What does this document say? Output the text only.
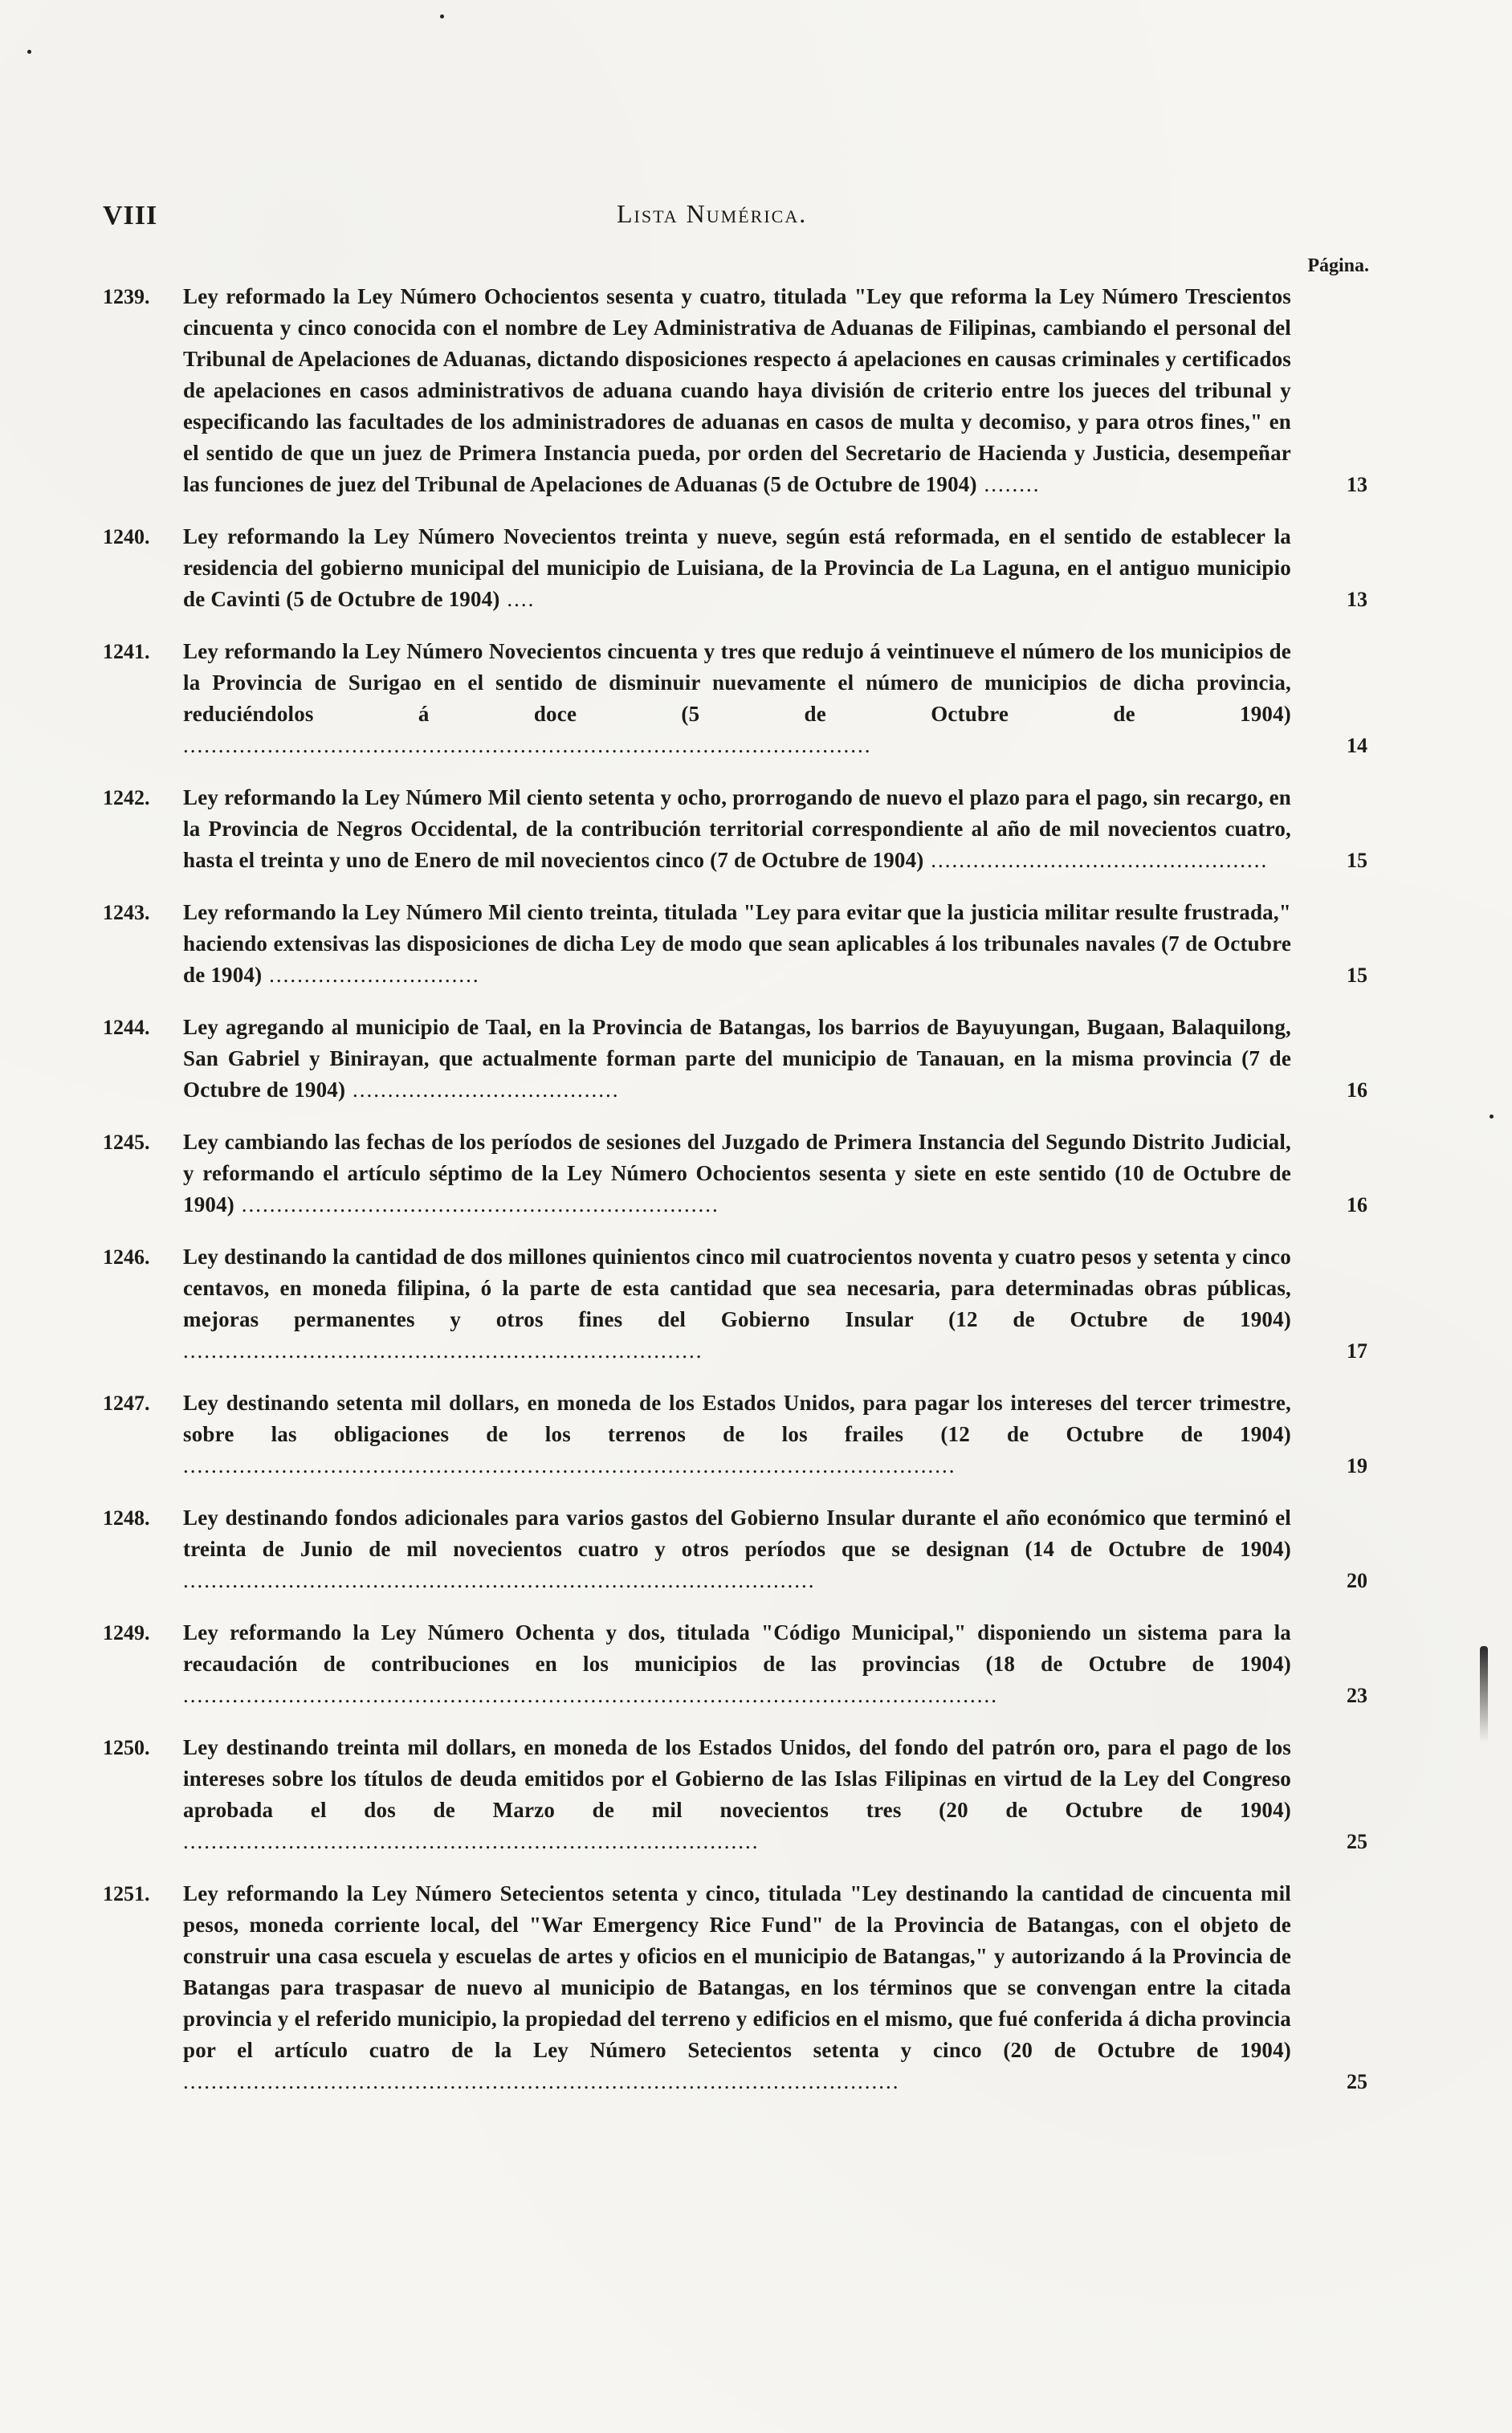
VIII	Lista Numérica.
Página.
1239.	Ley reformado la Ley Número Ochocientos sesenta y cuatro, titulada "Ley que reforma la Ley Número Trescientos cincuenta y cinco conocida con el nombre de Ley Administrativa de Aduanas de Filipinas, cambiando el personal del Tribunal de Apelaciones de Aduanas, dictando disposiciones respecto á apelaciones en causas criminales y certificados de apelaciones en casos administrativos de aduana cuando haya división de criterio entre los jueces del tribunal y especificando las facultades de los administradores de aduanas en casos de multa y decomiso, y para otros fines," en el sentido de que un juez de Primera Instancia pueda, por orden del Secretario de Hacienda y Justicia, desempeñar las funciones de juez del Tribunal de Apelaciones de Aduanas (5 de Octubre de 1904) ........	13
1240.	Ley reformando la Ley Número Novecientos treinta y nueve, según está reformada, en el sentido de establecer la residencia del gobierno municipal del municipio de Luisiana, de la Provincia de La Laguna, en el antiguo municipio de Cavinti (5 de Octubre de 1904) ....	13
1241.	Ley reformando la Ley Número Novecientos cincuenta y tres que redujo á veintinueve el número de los municipios de la Provincia de Surigao en el sentido de disminuir nuevamente el número de municipios de dicha provincia, reduciéndolos á doce (5 de Octubre de 1904) ..................................................................................................	14
1242.	Ley reformando la Ley Número Mil ciento setenta y ocho, prorrogando de nuevo el plazo para el pago, sin recargo, en la Provincia de Negros Occidental, de la contribución territorial correspondiente al año de mil novecientos cuatro, hasta el treinta y uno de Enero de mil novecientos cinco (7 de Octubre de 1904) ................................................	15
1243.	Ley reformando la Ley Número Mil ciento treinta, titulada "Ley para evitar que la justicia militar resulte frustrada," haciendo extensivas las disposiciones de dicha Ley de modo que sean aplicables á los tribunales navales (7 de Octubre de 1904) ..............................	15
1244.	Ley agregando al municipio de Taal, en la Provincia de Batangas, los barrios de Bayuyungan, Bugaan, Balaquilong, San Gabriel y Binirayan, que actualmente forman parte del municipio de Tanauan, en la misma provincia (7 de Octubre de 1904) ......................................	16
1245.	Ley cambiando las fechas de los períodos de sesiones del Juzgado de Primera Instancia del Segundo Distrito Judicial, y reformando el artículo séptimo de la Ley Número Ochocientos sesenta y siete en este sentido (10 de Octubre de 1904) ....................................................................	16
1246.	Ley destinando la cantidad de dos millones quinientos cinco mil cuatrocientos noventa y cuatro pesos y setenta y cinco centavos, en moneda filipina, ó la parte de esta cantidad que sea necesaria, para determinadas obras públicas, mejoras permanentes y otros fines del Gobierno Insular (12 de Octubre de 1904) ..........................................................................	17
1247.	Ley destinando setenta mil dollars, en moneda de los Estados Unidos, para pagar los intereses del tercer trimestre, sobre las obligaciones de los terrenos de los frailes (12 de Octubre de 1904) ..............................................................................................................	19
1248.	Ley destinando fondos adicionales para varios gastos del Gobierno Insular durante el año económico que terminó el treinta de Junio de mil novecientos cuatro y otros períodos que se designan (14 de Octubre de 1904) ..........................................................................................	20
1249.	Ley reformando la Ley Número Ochenta y dos, titulada "Código Municipal," disponiendo un sistema para la recaudación de contribuciones en los municipios de las provincias (18 de Octubre de 1904) ....................................................................................................................	23
1250.	Ley destinando treinta mil dollars, en moneda de los Estados Unidos, del fondo del patrón oro, para el pago de los intereses sobre los títulos de deuda emitidos por el Gobierno de las Islas Filipinas en virtud de la Ley del Congreso aprobada el dos de Marzo de mil novecientos tres (20 de Octubre de 1904) ..................................................................................	25
1251.	Ley reformando la Ley Número Setecientos setenta y cinco, titulada "Ley destinando la cantidad de cincuenta mil pesos, moneda corriente local, del "War Emergency Rice Fund" de la Provincia de Batangas, con el objeto de construir una casa escuela y escuelas de artes y oficios en el municipio de Batangas," y autorizando á la Provincia de Batangas para traspasar de nuevo al municipio de Batangas, en los términos que se convengan entre la citada provincia y el referido municipio, la propiedad del terreno y edificios en el mismo, que fué conferida á dicha provincia por el artículo cuatro de la Ley Número Setecientos setenta y cinco (20 de Octubre de 1904) ......................................................................................................	25
